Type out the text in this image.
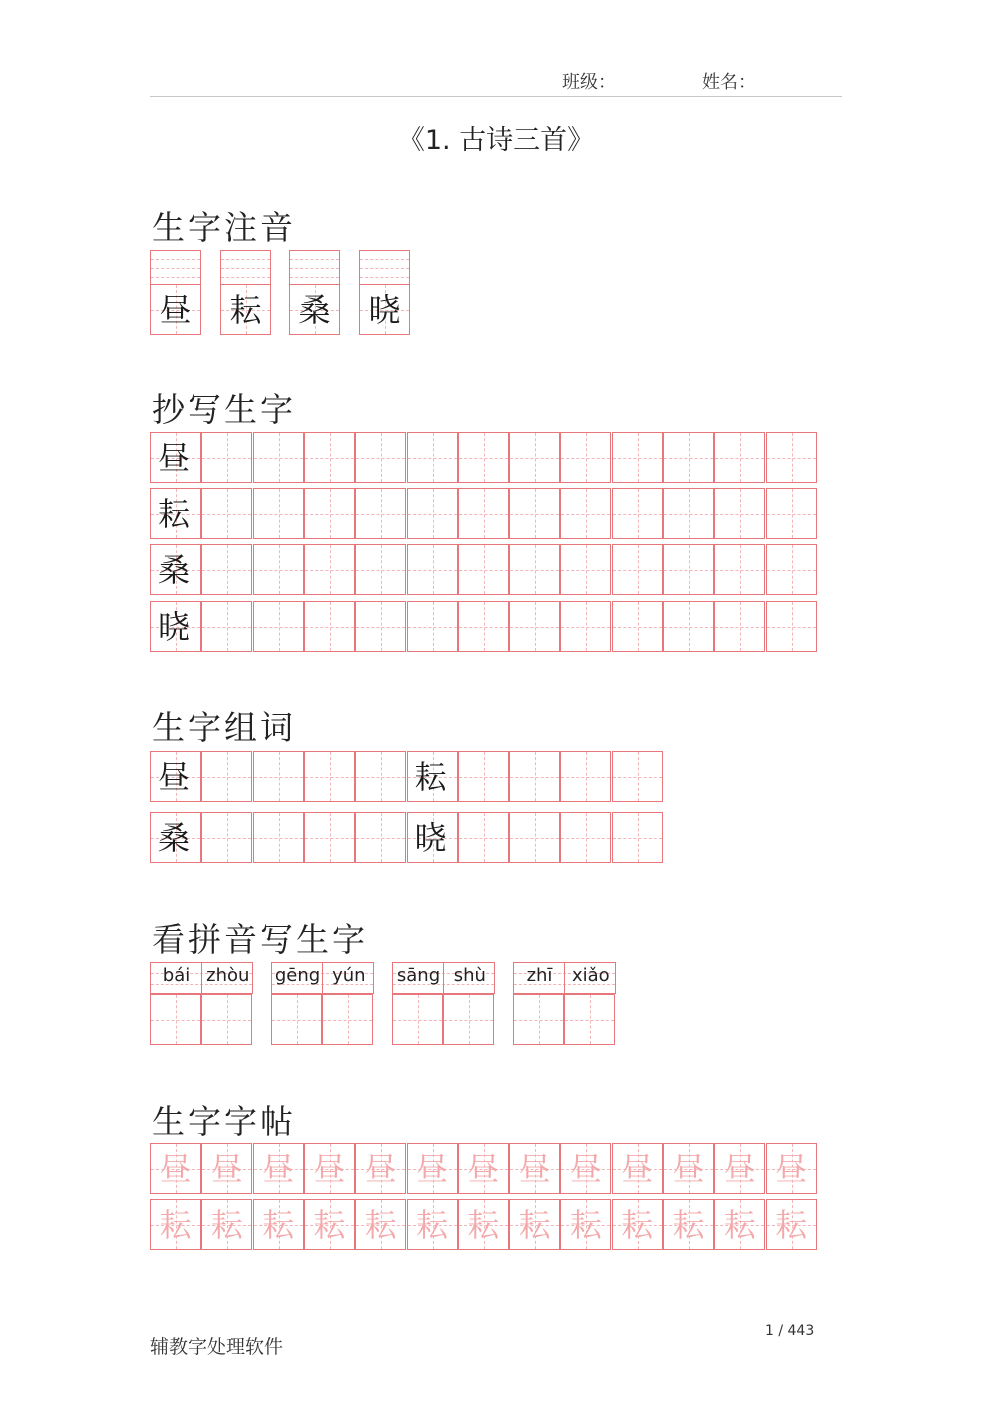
班级：	姓名：
《1. 古诗三首》
生字注音
抄写生字
生字组词
看拼音写生字
生字字帖
昼 耘 桑 晓
昼
耘
桑
晓
昼	耘
桑	晓
bái zhòu gēng yún	sāng shù	zhī	xiǎo
昼 昼 昼 昼 昼 昼 昼 昼 昼 昼 昼 昼 昼
耘 耘 耘 耘 耘 耘 耘 耘 耘 耘 耘 耘 耘
辅教字处理软件
1 / 443
